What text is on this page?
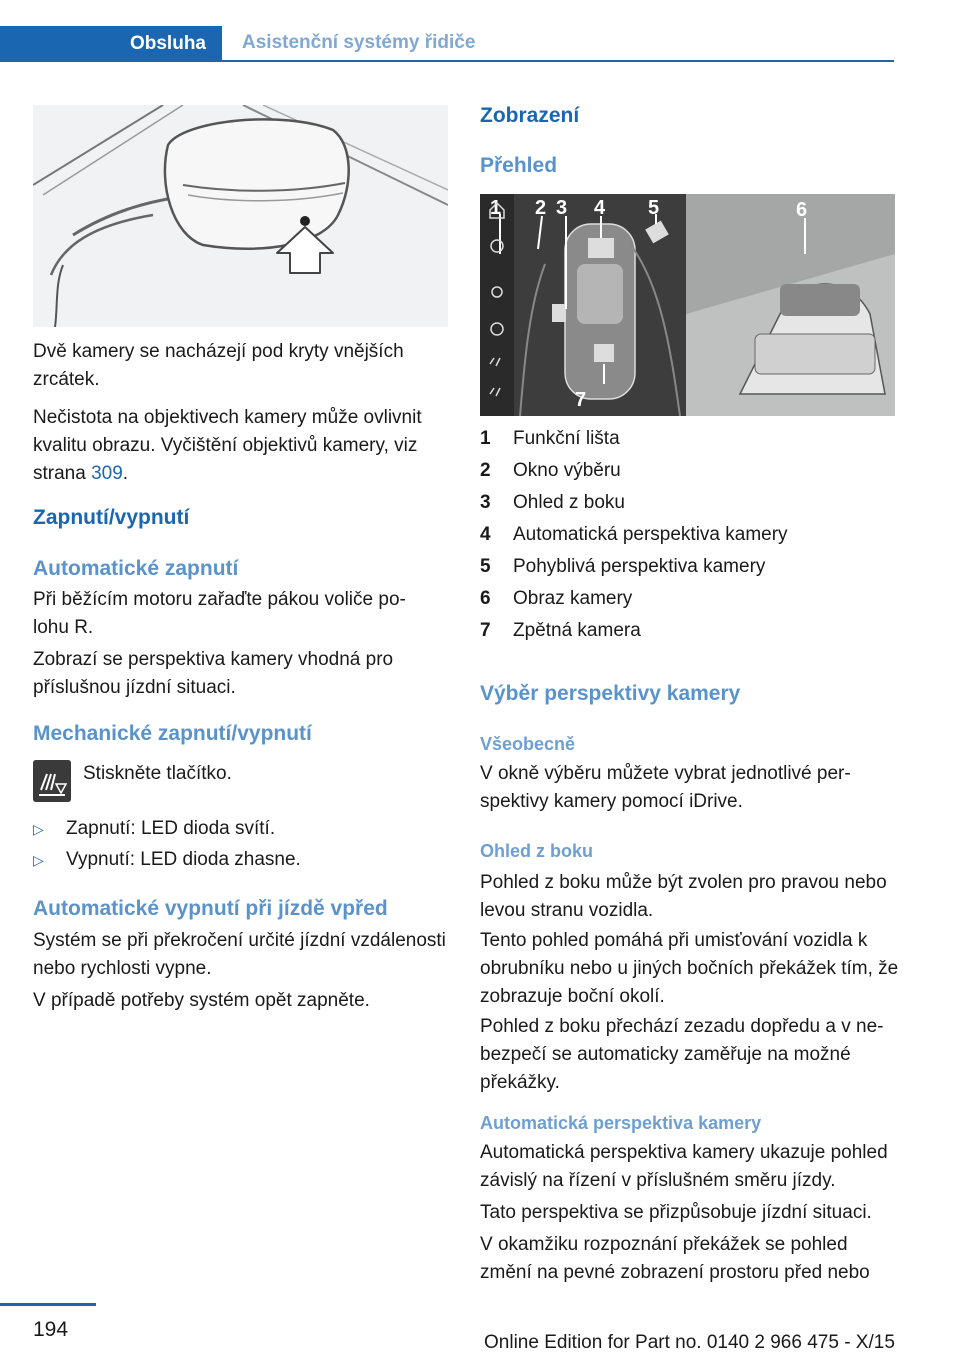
Obsluha Asistenční systémy řidiče
Dvě kamery se nacházejí pod kryty vnějších zrcátek.
Nečistota na objektivech kamery může ovlivnit kvalitu obrazu. Vyčištění objektivů kamery, viz strana 309.
Zapnutí/vypnutí
Automatické zapnutí
Při běžícím motoru zařaďte pákou voliče polohu R.
Zobrazí se perspektiva kamery vhodná pro příslušnou jízdní situaci.
Mechanické zapnutí/vypnutí
Stiskněte tlačítko.
▷ Zapnutí: LED dioda svítí.
▷ Vypnutí: LED dioda zhasne.
Automatické vypnutí při jízdě vpřed
Systém se při překročení určité jízdní vzdálenosti nebo rychlosti vypne.
V případě potřeby systém opět zapněte.
Zobrazení
Přehled
1 2 3 4 5	6
7
1 Funkční lišta
2 Okno výběru
3 Ohled z boku
4 Automatická perspektiva kamery
5 Pohyblivá perspektiva kamery
6 Obraz kamery
7 Zpětná kamera
Výběr perspektivy kamery
Všeobecně
V okně výběru můžete vybrat jednotlivé perspektivy kamery pomocí iDrive.
Ohled z boku
Pohled z boku může být zvolen pro pravou nebo levou stranu vozidla.
Tento pohled pomáhá při umisťování vozidla k obrubníku nebo u jiných bočních překážek tím, že zobrazuje boční okolí.
Pohled z boku přechází zezadu dopředu a v nebezpečí se automaticky zaměřuje na možné překážky.
Automatická perspektiva kamery
Automatická perspektiva kamery ukazuje pohled závislý na řízení v příslušném směru jízdy.
Tato perspektiva se přizpůsobuje jízdní situaci.
V okamžiku rozpoznání překážek se pohled změní na pevné zobrazení prostoru před nebo
194
Online Edition for Part no. 0140 2 966 475 - X/15
